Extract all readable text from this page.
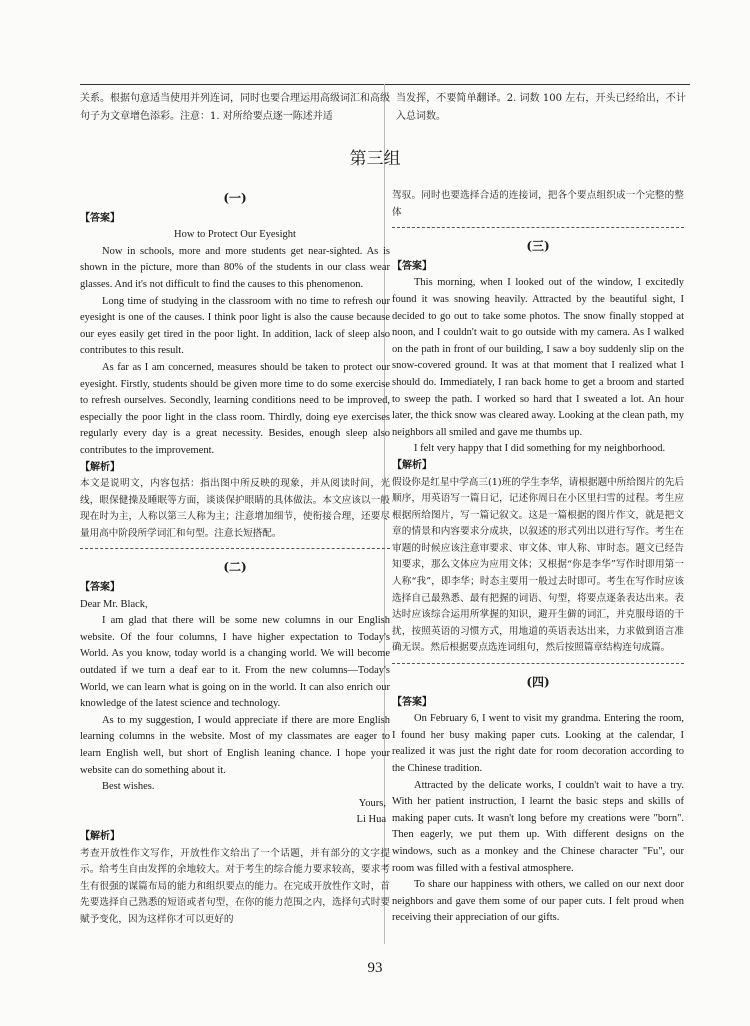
关系。根据句意适当使用并列连词，同时也要合理运用高级词汇和高级句子为文章增色添彩。注意：1. 对所给要点逐一陈述并适
当发挥，不要简单翻译。2. 词数 100 左右，开头已经给出，不计入总词数。
第三组
(一)
【答案】
How to Protect Our Eyesight

Now in schools, more and more students get near-sighted. As is shown in the picture, more than 80% of the students in our class wear glasses. And it's not difficult to find the causes to this phenomenon.

Long time of studying in the classroom with no time to refresh our eyesight is one of the causes. I think poor light is also the cause because our eyes easily get tired in the poor light. In addition, lack of sleep also contributes to this result.

As far as I am concerned, measures should be taken to protect our eyesight. Firstly, students should be given more time to do some exercise to refresh ourselves. Secondly, learning conditions need to be improved, especially the poor light in the class room. Thirdly, doing eye exercises regularly every day is a great necessity. Besides, enough sleep also contributes to the improvement.

【解析】

本文是说明文，内容包括：指出图中所反映的现象，并从阅读时间，光线，眼保健操及睡眠等方面，谈谈保护眼睛的具体做法。本文应该以一般现在时为主，人称以第三人称为主；注意增加细节，使衔接合理，还要尽量用高中阶段所学词汇和句型。注意长短搭配。

(二)
【答案】

Dear Mr. Black,

I am glad that there will be some new columns in our English website. Of the four columns, I have higher expectation to Today's World. As you know, today world is a changing world. We will become outdated if we turn a deaf ear to it. From the new columns—Today's World, we can learn what is going on in the world. It can also enrich our knowledge of the latest science and technology.

As to my suggestion, I would appreciate if there are more English learning columns in the website. Most of my classmates are eager to learn English well, but short of English leaning chance. I hope your website can do something about it.

Best wishes.

Yours,
Li Hua
【解析】

考查开放性作文写作，开放性作文给出了一个话题，并有部分的文字提示。给考生自由发挥的余地较大。对于考生的综合能力要求较高，要求考生有很强的谋篇布局的能力和组织要点的能力。在完成开放性作文时，首先要选择自己熟悉的短语或者句型，在你的能力范围之内，选择句式时要赋予变化，因为这样你才可以更好的

驾驭。同时也要选择合适的连接词，把各个要点组织成一个完整的整体

(三)
【答案】

This morning, when I looked out of the window, I excitedly found it was snowing heavily. Attracted by the beautiful sight, I decided to go out to take some photos. The snow finally stopped at noon, and I couldn't wait to go outside with my camera. As I walked on the path in front of our building, I saw a boy suddenly slip on the snow-covered ground. It was at that moment that I realized what I should do. Immediately, I ran back home to get a broom and started to sweep the path. I worked so hard that I sweated a lot. An hour later, the thick snow was cleared away. Looking at the clean path, my neighbors all smiled and gave me thumbs up.

I felt very happy that I did something for my neighborhood.

【解析】

假设你是红星中学高三(1)班的学生李华，请根据题中所给图片的先后顺序，用英语写一篇日记，记述你周日在小区里扫雪的过程。考生应根据所给图片，写一篇记叙文。这是一篇根据的图片作文，就是把文章的情景和内容要求分成块，以叙述的形式列出以进行写作。考生在审题的时候应该注意审要求、审文体、审人称、审时态。题文已经告知要求，那么文体应为应用文体；又根据“你是李华”写作时即用第一人称“我”，即李华；时态主要用一般过去时即可。考生在写作时应该选择自己最熟悉、最有把握的词语、句型，将要点逐条表达出来。表达时应该综合运用所掌握的知识，避开生僻的词汇，并克服母语的干扰，按照英语的习惯方式，用地道的英语表达出来，力求做到语言准确无误。然后根据要点选连词组句，然后按照篇章结构连句成篇。

(四)
【答案】

On February 6, I went to visit my grandma. Entering the room, I found her busy making paper cuts. Looking at the calendar, I realized it was just the right date for room decoration according to the Chinese tradition.

Attracted by the delicate works, I couldn't wait to have a try. With her patient instruction, I learnt the basic steps and skills of making paper cuts. It wasn't long before my creations were "born". Then eagerly, we put them up. With different designs on the windows, such as a monkey and the Chinese character "Fu", our room was filled with a festival atmosphere.

To share our happiness with others, we called on our next door neighbors and gave them some of our paper cuts. I felt proud when receiving their appreciation of our gifts.

93
